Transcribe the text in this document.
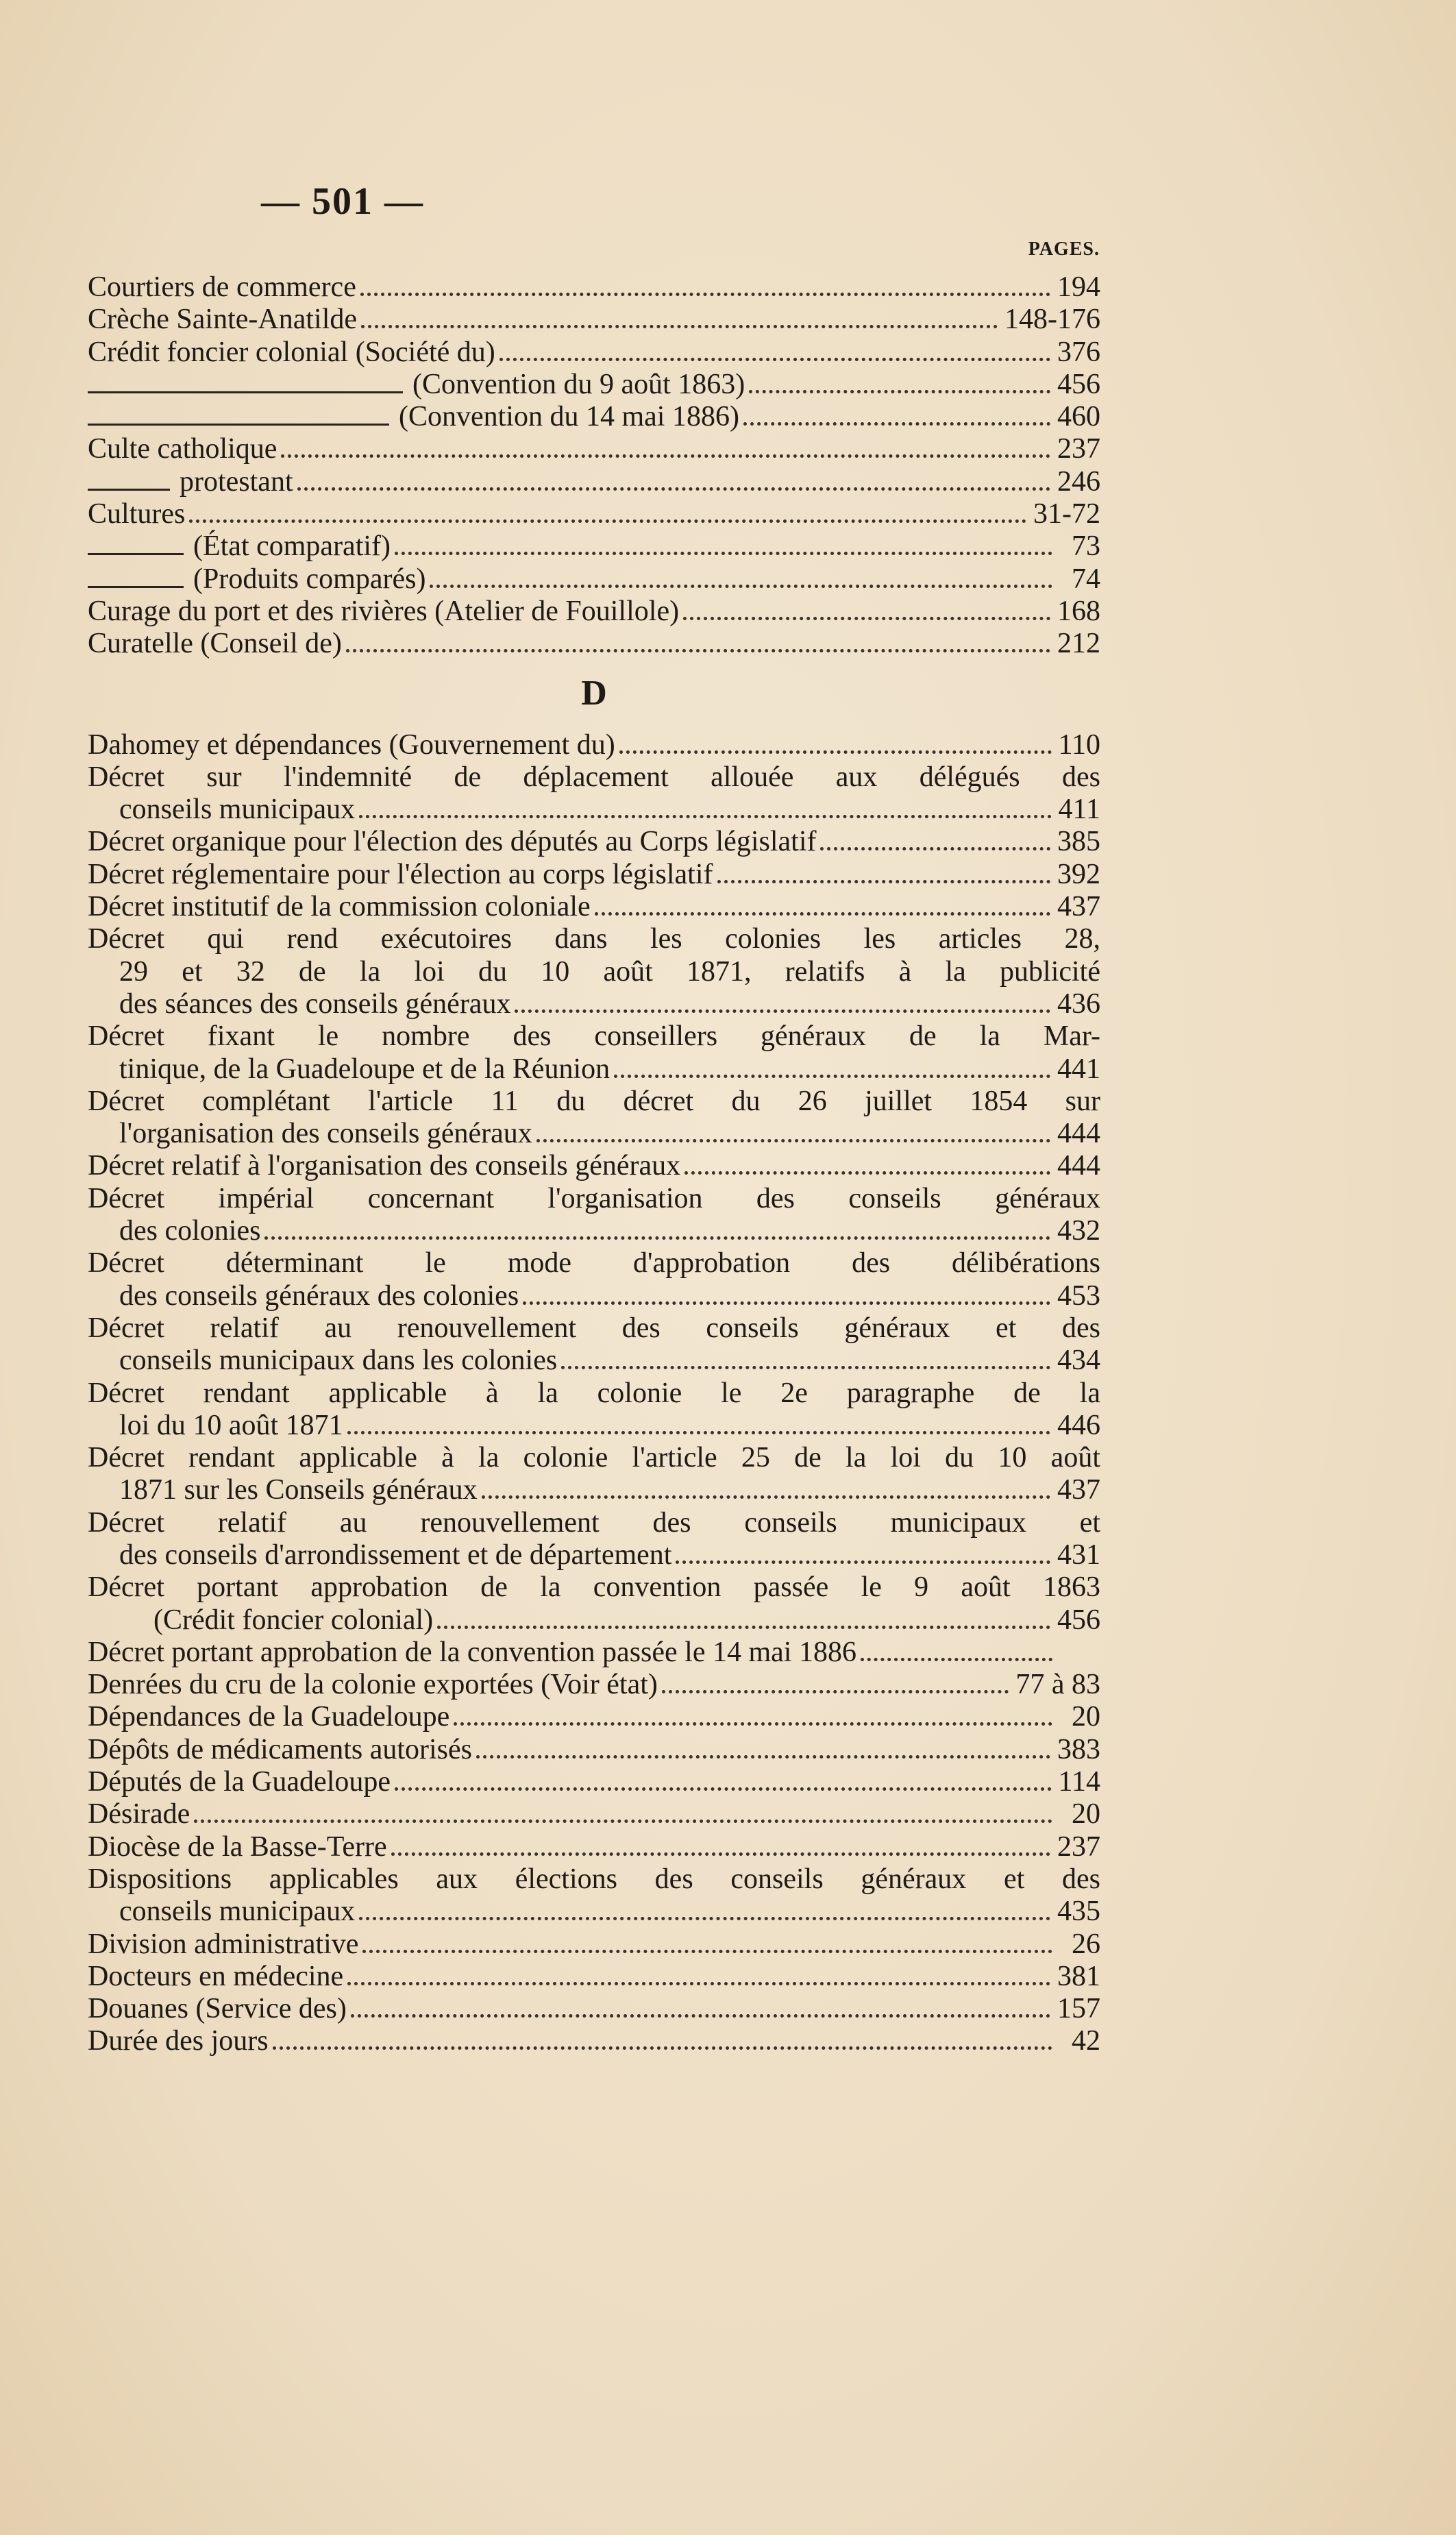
— 501 —
PAGES.
Courtiers de commerce	194
Crèche Sainte-Anatilde	148-176
Crédit foncier colonial (Société du)	376
(Convention du 9 août 1863)	456
(Convention du 14 mai 1886)	460
Culte catholique	237
protestant	246
Cultures	31-72
(État comparatif)	73
(Produits comparés)	74
Curage du port et des rivières (Atelier de Fouillole)	168
Curatelle (Conseil de)	212
D
Dahomey et dépendances (Gouvernement du)	110
Décret sur l'indemnité de déplacement allouée aux délégués des
conseils municipaux	411
Décret organique pour l'élection des députés au Corps législatif	385
Décret réglementaire pour l'élection au corps législatif	392
Décret institutif de la commission coloniale	437
Décret qui rend exécutoires dans les colonies les articles 28,
29 et 32 de la loi du 10 août 1871, relatifs à la publicité
des séances des conseils généraux	436
Décret fixant le nombre des conseillers généraux de la Mar-
tinique, de la Guadeloupe et de la Réunion	441
Décret complétant l'article 11 du décret du 26 juillet 1854 sur
l'organisation des conseils généraux	444
Décret relatif à l'organisation des conseils généraux	444
Décret impérial concernant l'organisation des conseils généraux
des colonies	432
Décret déterminant le mode d'approbation des délibérations
des conseils généraux des colonies	453
Décret relatif au renouvellement des conseils généraux et des
conseils municipaux dans les colonies	434
Décret rendant applicable à la colonie le 2e paragraphe de la
loi du 10 août 1871	446
Décret rendant applicable à la colonie l'article 25 de la loi du 10 août
1871 sur les Conseils généraux	437
Décret relatif au renouvellement des conseils municipaux et
des conseils d'arrondissement et de département	431
Décret portant approbation de la convention passée le 9 août 1863
(Crédit foncier colonial)	456
Décret portant approbation de la convention passée le 14 mai 1886
Denrées du cru de la colonie exportées (Voir état)	77 à 83
Dépendances de la Guadeloupe	20
Dépôts de médicaments autorisés	383
Députés de la Guadeloupe	114
Désirade	20
Diocèse de la Basse-Terre	237
Dispositions applicables aux élections des conseils généraux et des
conseils municipaux	435
Division administrative	26
Docteurs en médecine	381
Douanes (Service des)	157
Durée des jours	42
